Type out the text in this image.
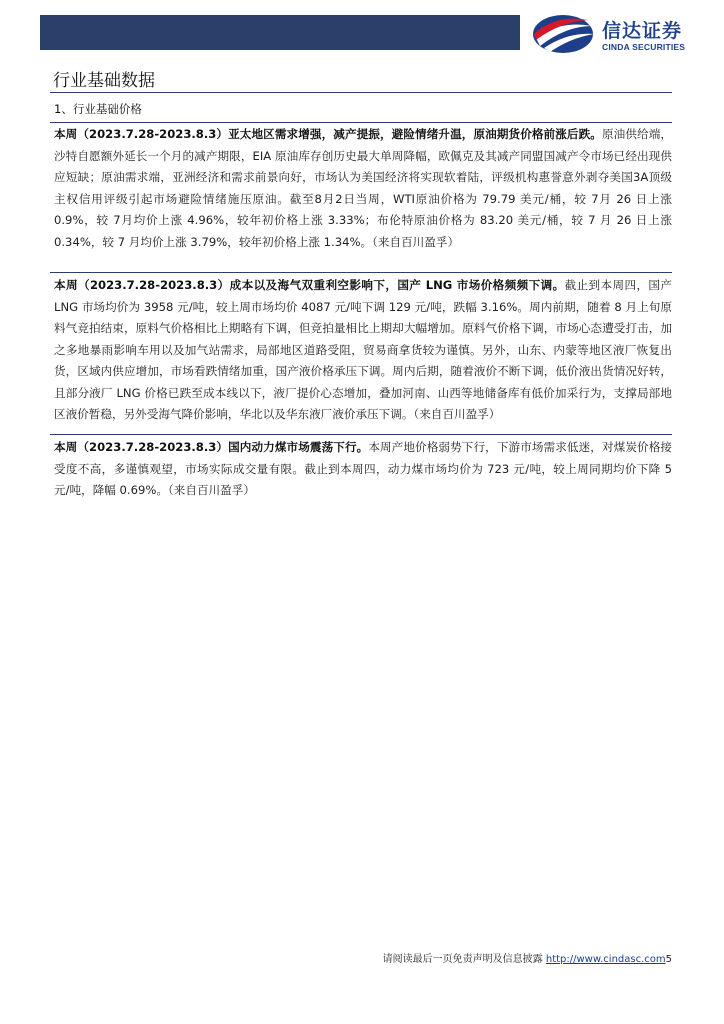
信达证券
CINDA SECURITIES
行业基础数据
1、行业基础价格
本周（2023.7.28-2023.8.3）亚太地区需求增强，减产提振，避险情绪升温，原油期货价格前涨后跌。原油供给端，沙特自愿额外延长一个月的减产期限，EIA 原油库存创历史最大单周降幅，欧佩克及其减产同盟国减产令市场已经出现供应短缺；原油需求端，亚洲经济和需求前景向好，市场认为美国经济将实现软着陆，评级机构惠誉意外剥夺美国3A顶级主权信用评级引起市场避险情绪施压原油。截至8月2日当周，WTI原油价格为 79.79 美元/桶，较 7月 26 日上涨 0.9%，较 7月均价上涨 4.96%，较年初价格上涨 3.33%；布伦特原油价格为 83.20 美元/桶，较 7 月 26 日上涨 0.34%，较 7 月均价上涨 3.79%，较年初价格上涨 1.34%。（来自百川盈孚）
本周（2023.7.28-2023.8.3）成本以及海气双重利空影响下，国产 LNG 市场价格频频下调。截止到本周四，国产 LNG 市场均价为 3958 元/吨，较上周市场均价 4087 元/吨下调 129 元/吨，跌幅 3.16%。周内前期，随着 8 月上旬原料气竞拍结束，原料气价格相比上期略有下调，但竞拍量相比上期却大幅增加。原料气价格下调，市场心态遭受打击，加之多地暴雨影响车用以及加气站需求，局部地区道路受阻，贸易商拿货较为谨慎。另外，山东、内蒙等地区液厂恢复出货，区域内供应增加，市场看跌情绪加重，国产液价格承压下调。周内后期，随着液价不断下调，低价液出货情况好转，且部分液厂 LNG 价格已跌至成本线以下，液厂提价心态增加，叠加河南、山西等地储备库有低价加采行为，支撑局部地区液价暂稳，另外受海气降价影响，华北以及华东液厂液价承压下调。（来自百川盈孚）
本周（2023.7.28-2023.8.3）国内动力煤市场震荡下行。本周产地价格弱势下行，下游市场需求低迷，对煤炭价格接受度不高，多谨慎观望，市场实际成交量有限。截止到本周四，动力煤市场均价为 723 元/吨，较上周同期均价下降 5 元/吨，降幅 0.69%。（来自百川盈孚）
请阅读最后一页免责声明及信息披露 http://www.cindasc.com5
